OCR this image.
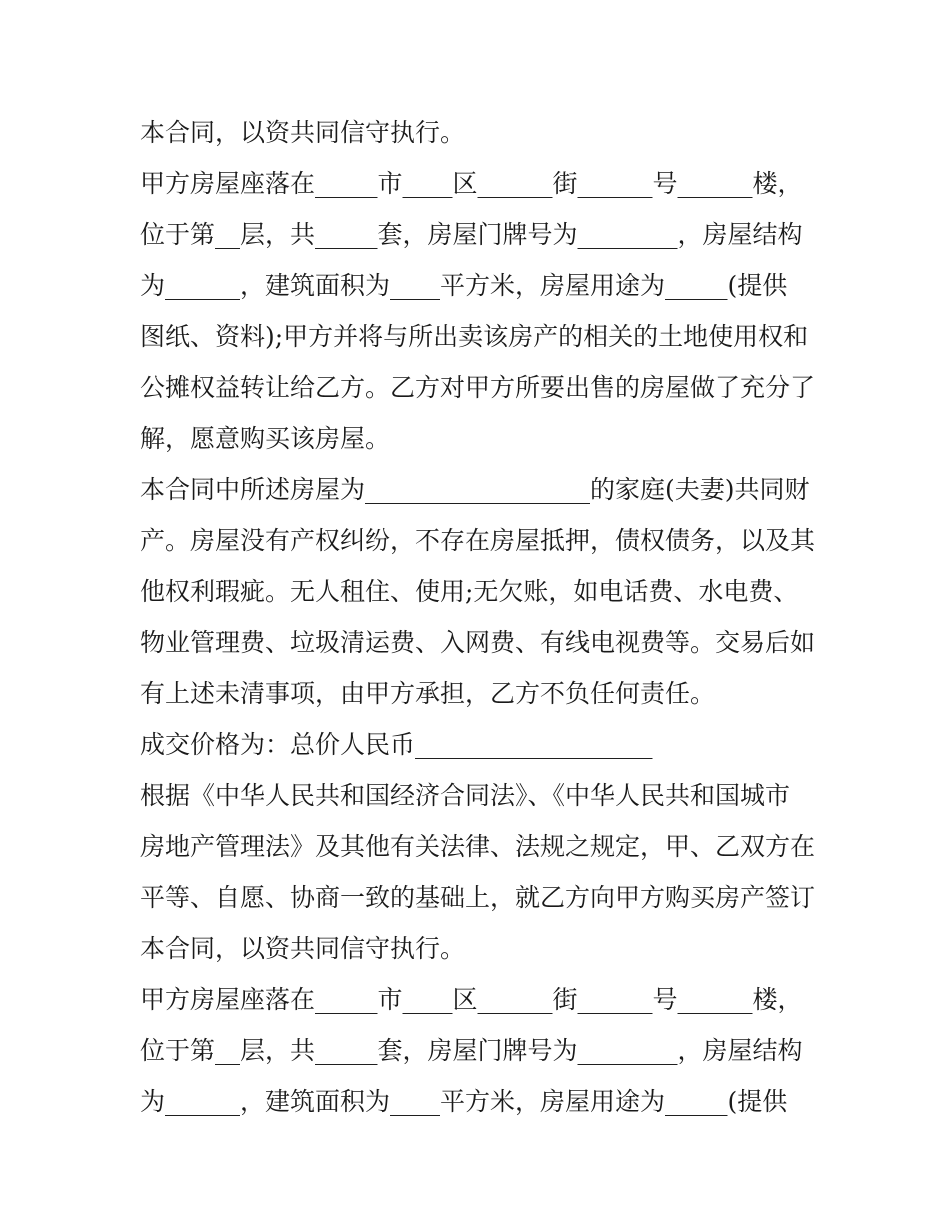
本合同，以资共同信守执行。
甲方房屋座落在_____市____区______街______号______楼，
位于第__层，共_____套，房屋门牌号为________，房屋结构
为______，建筑面积为____平方米，房屋用途为_____(提供
图纸、资料);甲方并将与所出卖该房产的相关的土地使用权和
公摊权益转让给乙方。乙方对甲方所要出售的房屋做了充分了
解，愿意购买该房屋。
本合同中所述房屋为__________________的家庭(夫妻)共同财
产。房屋没有产权纠纷，不存在房屋抵押，债权债务，以及其
他权利瑕疵。无人租住、使用;无欠账，如电话费、水电费、
物业管理费、垃圾清运费、入网费、有线电视费等。交易后如
有上述未清事项，由甲方承担，乙方不负任何责任。
成交价格为：总价人民币___________________
根据《中华人民共和国经济合同法》、《中华人民共和国城市
房地产管理法》及其他有关法律、法规之规定，甲、乙双方在
平等、自愿、协商一致的基础上，就乙方向甲方购买房产签订
本合同，以资共同信守执行。
甲方房屋座落在_____市____区______街______号______楼，
位于第__层，共_____套，房屋门牌号为________，房屋结构
为______，建筑面积为____平方米，房屋用途为_____(提供
